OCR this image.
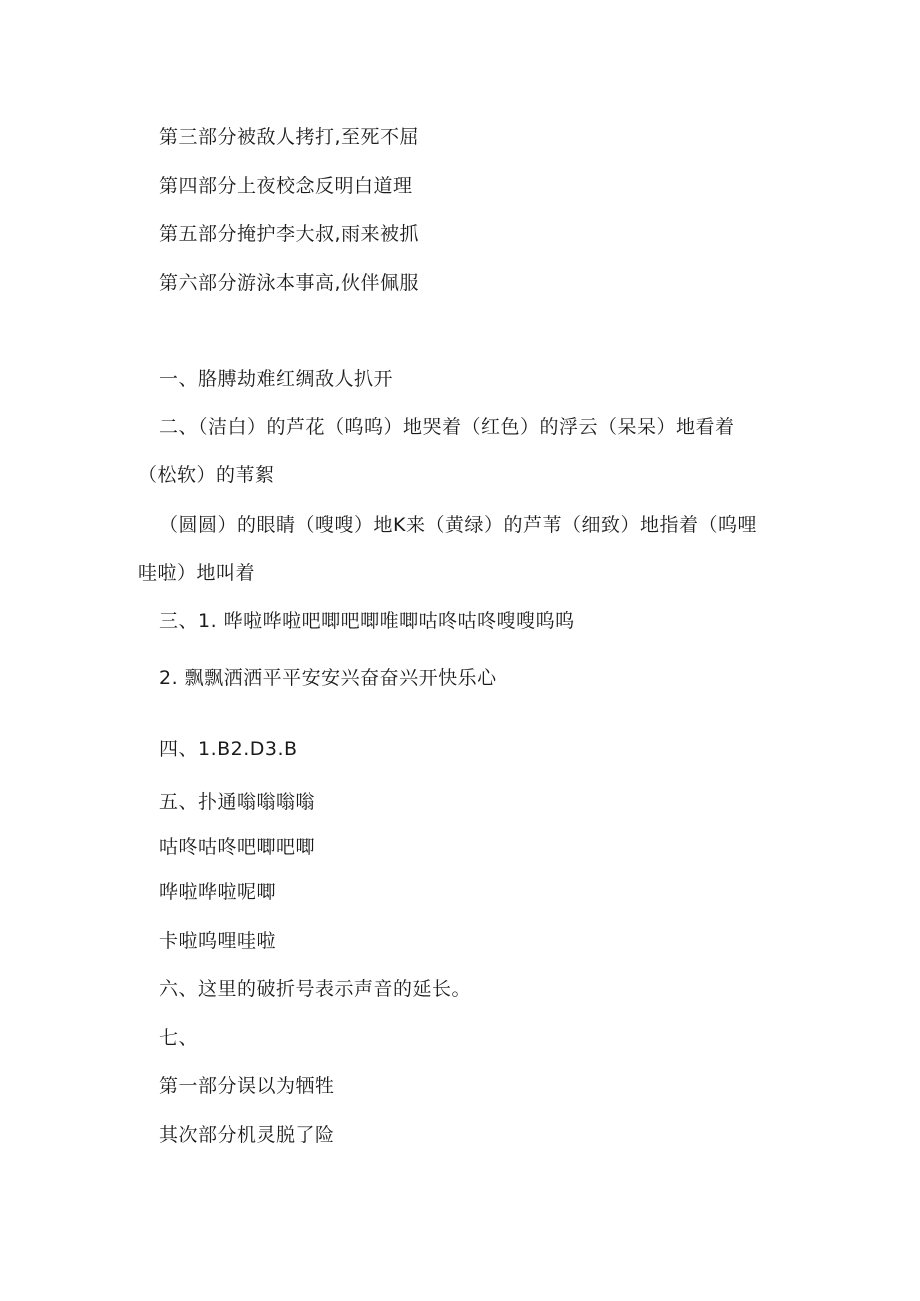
第三部分被敌人拷打,至死不屈
第四部分上夜校念反明白道理
第五部分掩护李大叔,雨来被抓
第六部分游泳本事高,伙伴佩服
一、胳膊劫难红绸敌人扒开
二、（洁白）的芦花（呜呜）地哭着（红色）的浮云（呆呆）地看着
（松软）的苇絮
（圆圆）的眼睛（嗖嗖）地K来（黄绿）的芦苇（细致）地指着（呜哩
哇啦）地叫着
三、1. 哗啦哗啦吧唧吧唧唯唧咕咚咕咚嗖嗖呜呜
2. 飘飘洒洒平平安安兴奋奋兴开快乐心
四、1.B2.D3.B
五、扑通嗡嗡嗡嗡
咕咚咕咚吧唧吧唧
哗啦哗啦呢唧
卡啦呜哩哇啦
六、这里的破折号表示声音的延长。
七、
第一部分误以为牺牲
其次部分机灵脱了险
